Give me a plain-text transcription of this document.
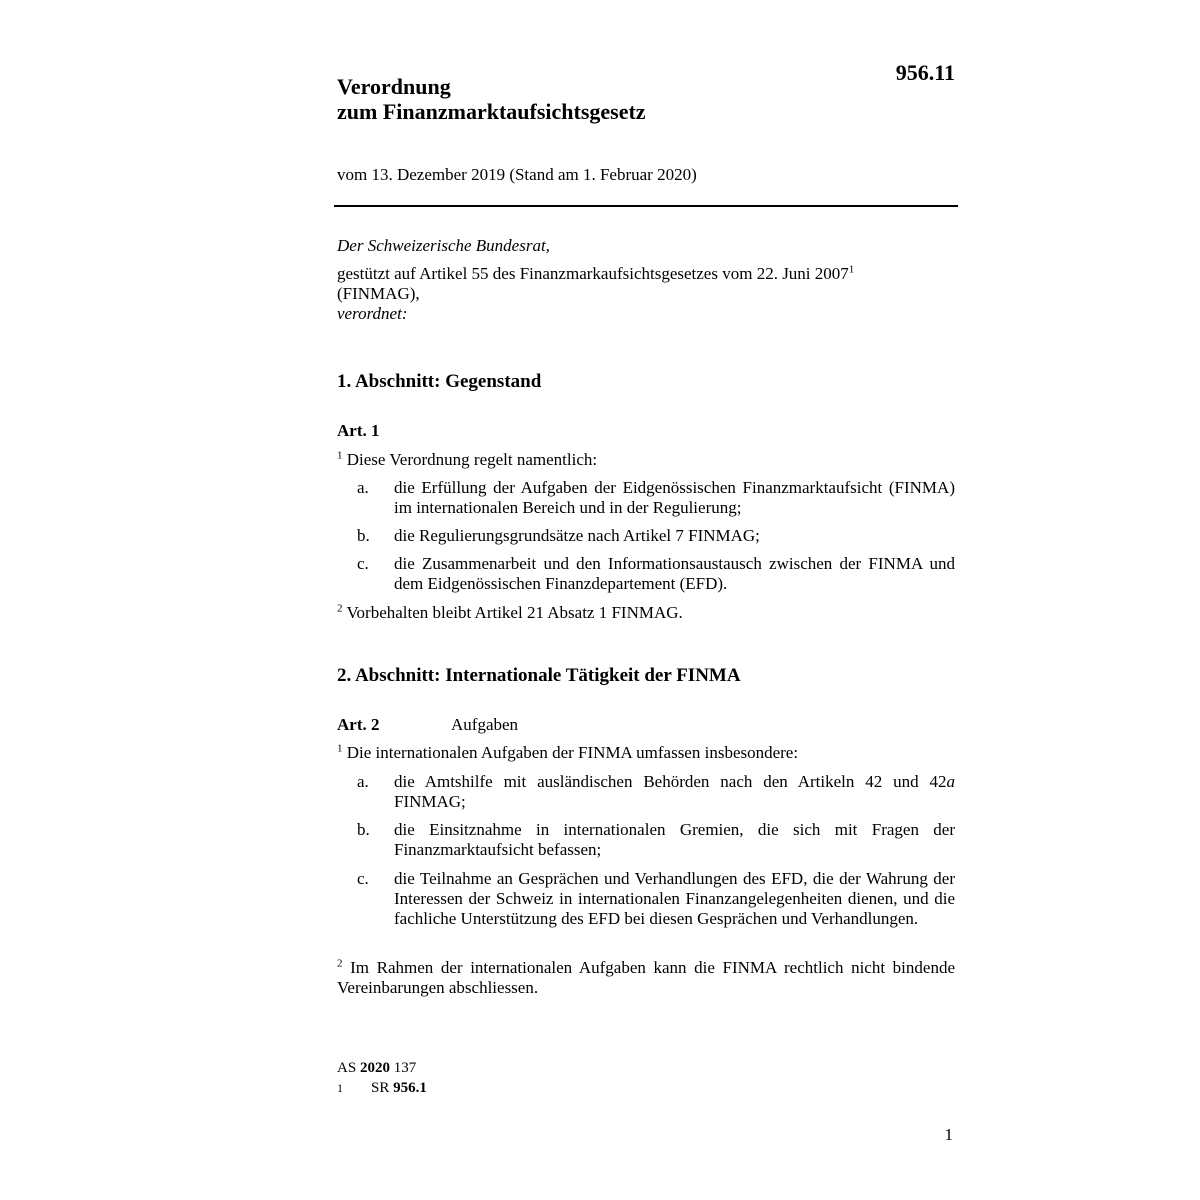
956.11
Verordnung
zum Finanzmarktaufsichtsgesetz
vom 13. Dezember 2019 (Stand am 1. Februar 2020)
Der Schweizerische Bundesrat,
gestützt auf Artikel 55 des Finanzmarkaufsichtsgesetzes vom 22. Juni 2007$^1$
(FINMAG),
verordnet:
1. Abschnitt: Gegenstand
Art. 1
$^1$ Diese Verordnung regelt namentlich:
a.	die Erfüllung der Aufgaben der Eidgenössischen Finanzmarktaufsicht (FINMA) im internationalen Bereich und in der Regulierung;
b.	die Regulierungsgrundsätze nach Artikel 7 FINMAG;
c.	die Zusammenarbeit und den Informationsaustausch zwischen der FINMA und dem Eidgenössischen Finanzdepartement (EFD).
$^2$ Vorbehalten bleibt Artikel 21 Absatz 1 FINMAG.
2. Abschnitt: Internationale Tätigkeit der FINMA
Art. 2	Aufgaben
$^1$ Die internationalen Aufgaben der FINMA umfassen insbesondere:
a.	die Amtshilfe mit ausländischen Behörden nach den Artikeln 42 und 42a FINMAG;
b.	die Einsitznahme in internationalen Gremien, die sich mit Fragen der Finanzmarktaufsicht befassen;
c.	die Teilnahme an Gesprächen und Verhandlungen des EFD, die der Wahrung der Interessen der Schweiz in internationalen Finanzangelegenheiten dienen, und die fachliche Unterstützung des EFD bei diesen Gesprächen und Verhandlungen.
$^2$ Im Rahmen der internationalen Aufgaben kann die FINMA rechtlich nicht bindende Vereinbarungen abschliessen.
AS 2020 137
1 SR 956.1
1
